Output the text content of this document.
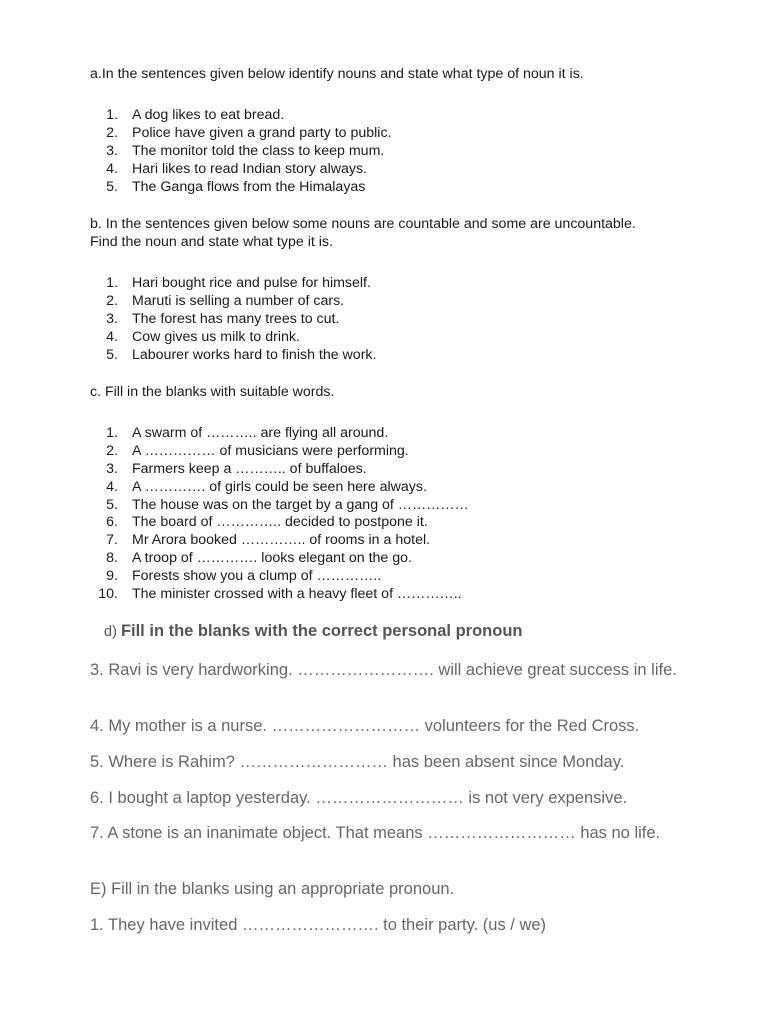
a.In the sentences given below identify nouns and state what type of noun it is.

1. A dog likes to eat bread.
2. Police have given a grand party to public.
3. The monitor told the class to keep mum.
4. Hari likes to read Indian story always.
5. The Ganga flows from the Himalayas

b. In the sentences given below some nouns are countable and some are uncountable.

Find the noun and state what type it is.

1. Hari bought rice and pulse for himself.
2. Maruti is selling a number of cars.
3. The forest has many trees to cut.
4. Cow gives us milk to drink.
5. Labourer works hard to finish the work.

c. Fill in the blanks with suitable words.

1. A swarm of ……….. are flying all around.
2. A …………… of musicians were performing.
3. Farmers keep a ……….. of buffaloes.
4. A …………. of girls could be seen here always.
5. The house was on the target by a gang of ……………
6. The board of ………….. decided to postpone it.
7. Mr Arora booked ………….. of rooms in a hotel.
8. A troop of …………. looks elegant on the go.
9. Forests show you a clump of …………..
10. The minister crossed with a heavy fleet of …………..
d) Fill in the blanks with the correct personal pronoun

3. Ravi is very hardworking. ……………………. will achieve great success in life.

4. My mother is a nurse. ……………………… volunteers for the Red Cross.

5. Where is Rahim? ……………………… has been absent since Monday.

6. I bought a laptop yesterday. ……………………… is not very expensive.

7. A stone is an inanimate object. That means ……………………… has no life.

E) Fill in the blanks using an appropriate pronoun.

1. They have invited ……………………. to their party. (us / we)
